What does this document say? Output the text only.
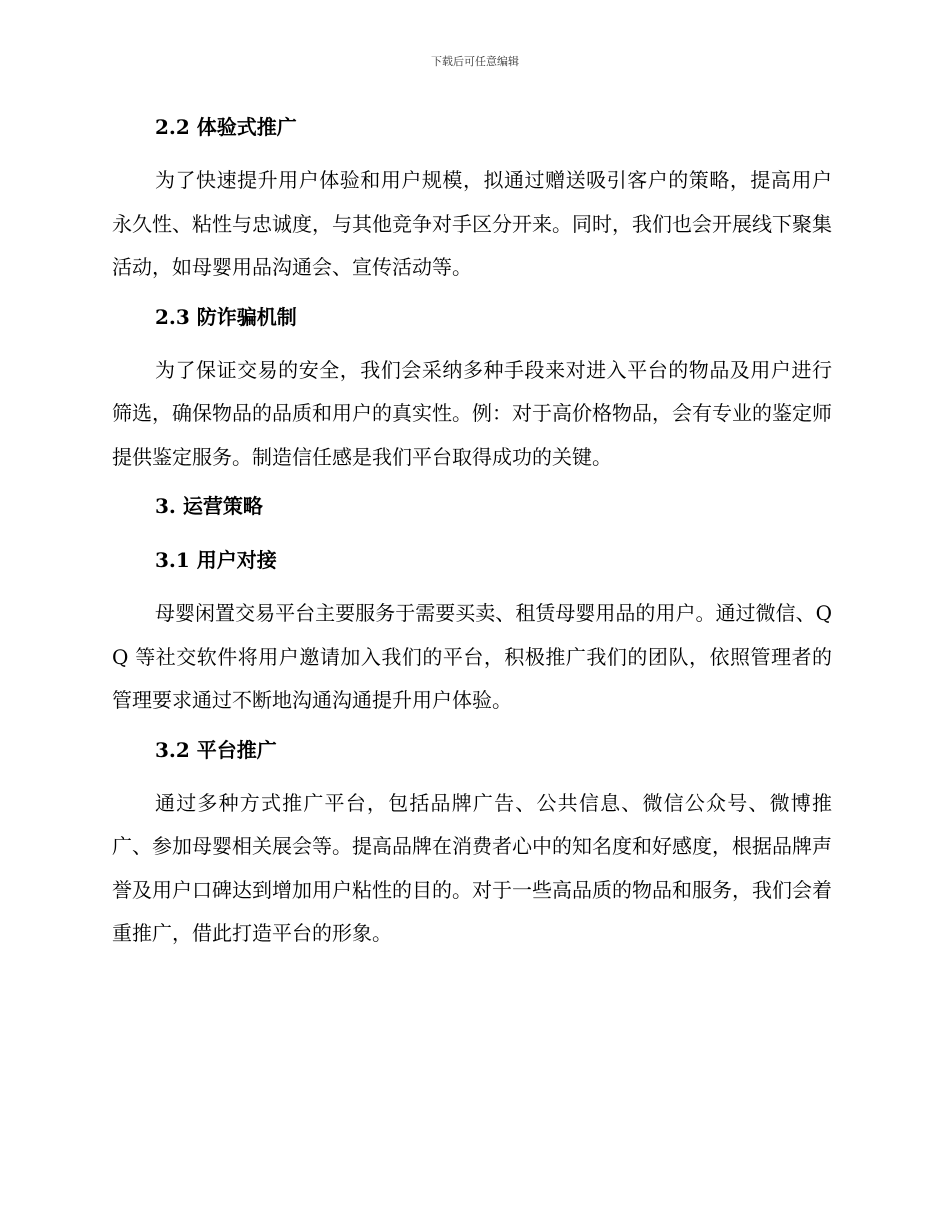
下载后可任意编辑
2.2 体验式推广

为了快速提升用户体验和用户规模，拟通过赠送吸引客户的策略，提高用户永久性、粘性与忠诚度，与其他竞争对手区分开来。同时，我们也会开展线下聚集活动，如母婴用品沟通会、宣传活动等。

2.3 防诈骗机制

为了保证交易的安全，我们会采纳多种手段来对进入平台的物品及用户进行筛选，确保物品的品质和用户的真实性。例：对于高价格物品，会有专业的鉴定师提供鉴定服务。制造信任感是我们平台取得成功的关键。

3. 运营策略
3.1 用户对接

母婴闲置交易平台主要服务于需要买卖、租赁母婴用品的用户。通过微信、QQ 等社交软件将用户邀请加入我们的平台，积极推广我们的团队，依照管理者的管理要求通过不断地沟通沟通提升用户体验。

3.2 平台推广

通过多种方式推广平台，包括品牌广告、公共信息、微信公众号、微博推广、参加母婴相关展会等。提高品牌在消费者心中的知名度和好感度，根据品牌声誉及用户口碑达到增加用户粘性的目的。对于一些高品质的物品和服务，我们会着重推广，借此打造平台的形象。
